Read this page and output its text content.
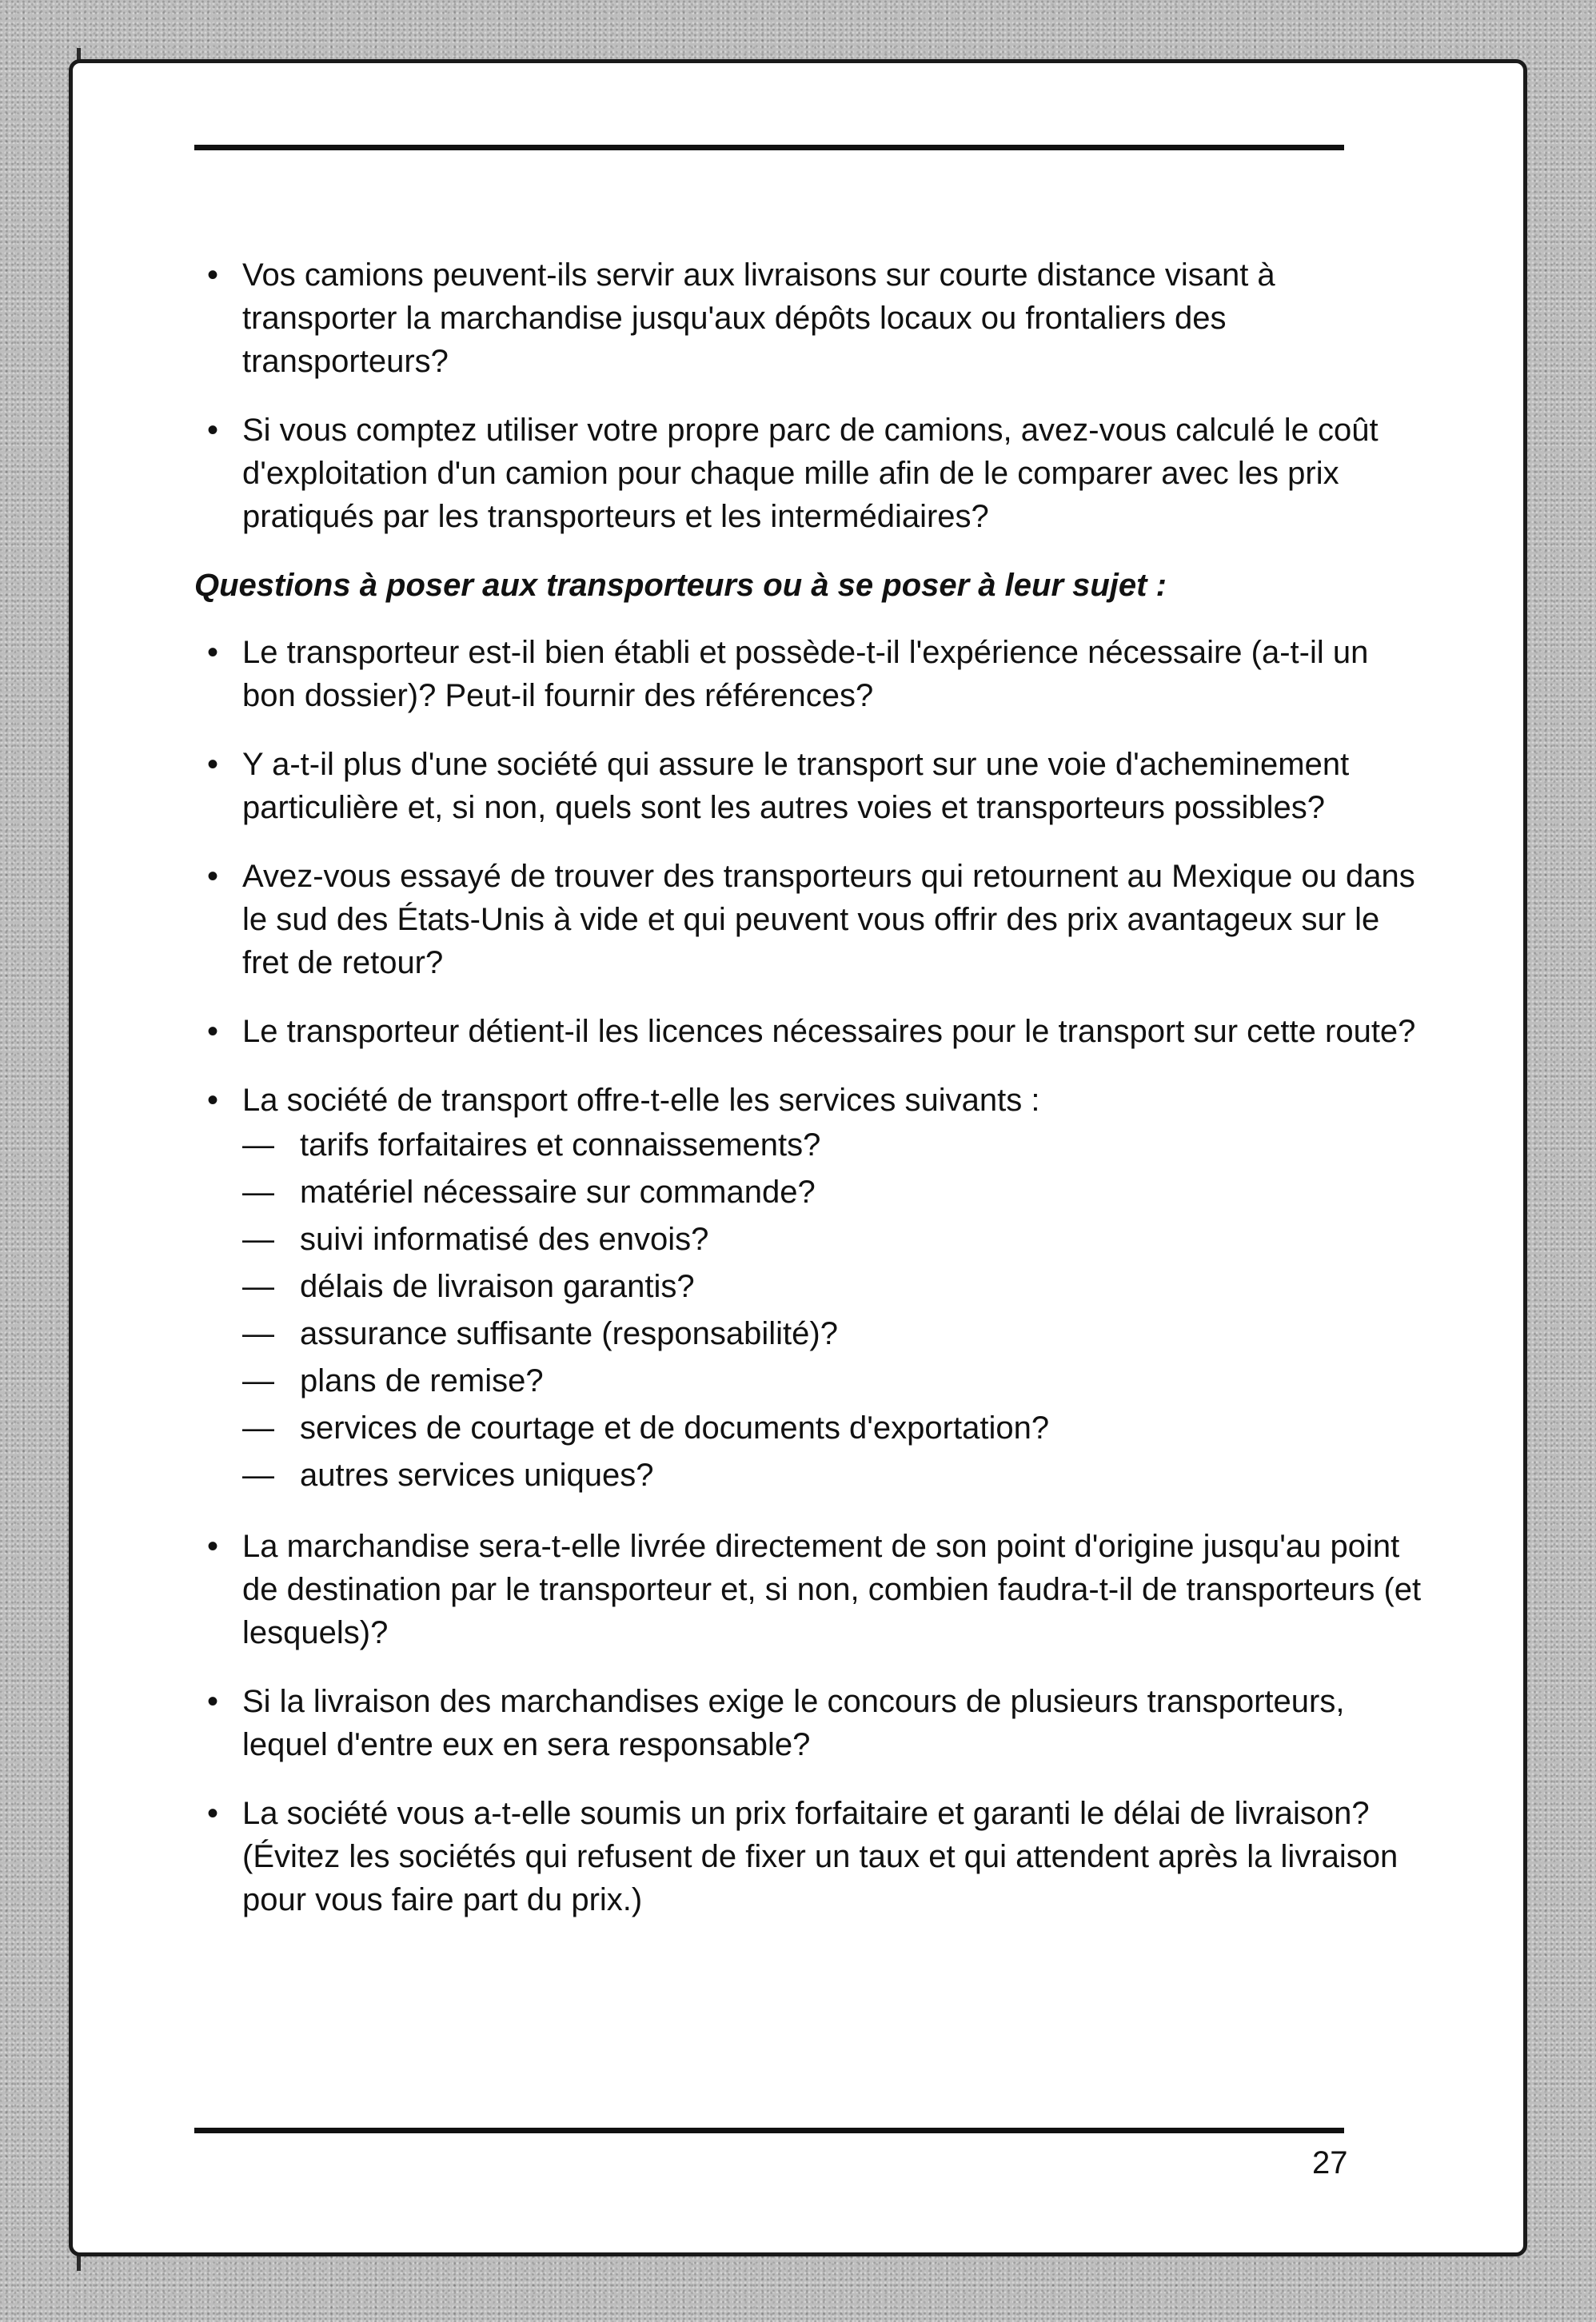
• Vos camions peuvent-ils servir aux livraisons sur courte distance visant à transporter la marchandise jusqu'aux dépôts locaux ou frontaliers des transporteurs?
• Si vous comptez utiliser votre propre parc de camions, avez-vous calculé le coût d'exploitation d'un camion pour chaque mille afin de le comparer avec les prix pratiqués par les transporteurs et les intermédiaires?
Questions à poser aux transporteurs ou à se poser à leur sujet :
• Le transporteur est-il bien établi et possède-t-il l'expérience nécessaire (a-t-il un bon dossier)? Peut-il fournir des références?
• Y a-t-il plus d'une société qui assure le transport sur une voie d'acheminement particulière et, si non, quels sont les autres voies et transporteurs possibles?
• Avez-vous essayé de trouver des transporteurs qui retournent au Mexique ou dans le sud des États-Unis à vide et qui peuvent vous offrir des prix avantageux sur le fret de retour?
• Le transporteur détient-il les licences nécessaires pour le transport sur cette route?
• La société de transport offre-t-elle les services suivants :
— tarifs forfaitaires et connaissements?
— matériel nécessaire sur commande?
— suivi informatisé des envois?
— délais de livraison garantis?
— assurance suffisante (responsabilité)?
— plans de remise?
— services de courtage et de documents d'exportation?
— autres services uniques?
• La marchandise sera-t-elle livrée directement de son point d'origine jusqu'au point de destination par le transporteur et, si non, combien faudra-t-il de transporteurs (et lesquels)?
• Si la livraison des marchandises exige le concours de plusieurs transporteurs, lequel d'entre eux en sera responsable?
• La société vous a-t-elle soumis un prix forfaitaire et garanti le délai de livraison? (Évitez les sociétés qui refusent de fixer un taux et qui attendent après la livraison pour vous faire part du prix.)
27
